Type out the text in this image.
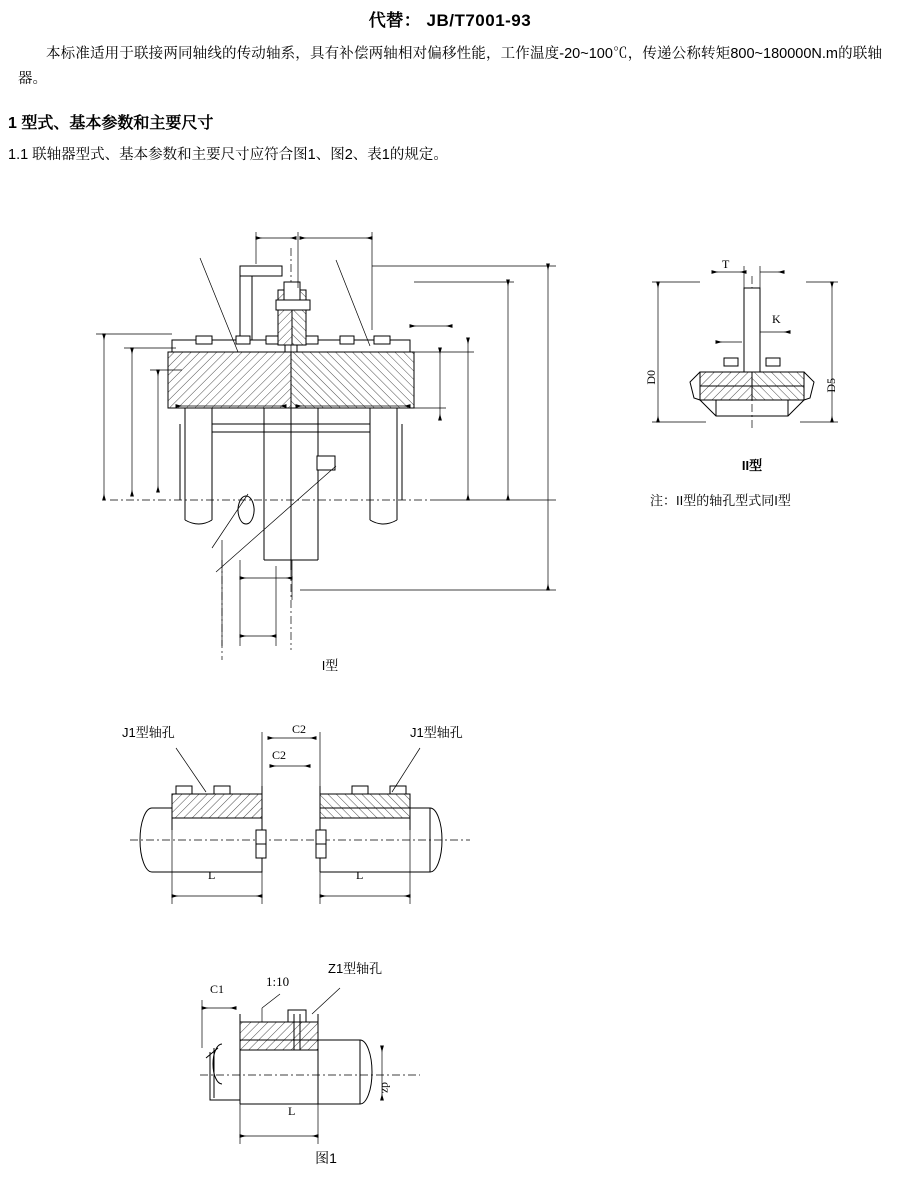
代替： JB/T7001-93
本标准适用于联接两同轴线的传动轴系，具有补偿两轴相对偏移性能，工作温度-20~100℃，传递公称转矩800~180000N.m的联轴器。
1 型式、基本参数和主要尺寸
1.1 联轴器型式、基本参数和主要尺寸应符合图1、图2、表1的规定。
I型
II型
注：II型的轴孔型式同I型
J1型轴孔	J1型轴孔
Z1型轴孔
1:10
C2
C2
L	L
C1
L
dz
T
K
D0
D5
图1
